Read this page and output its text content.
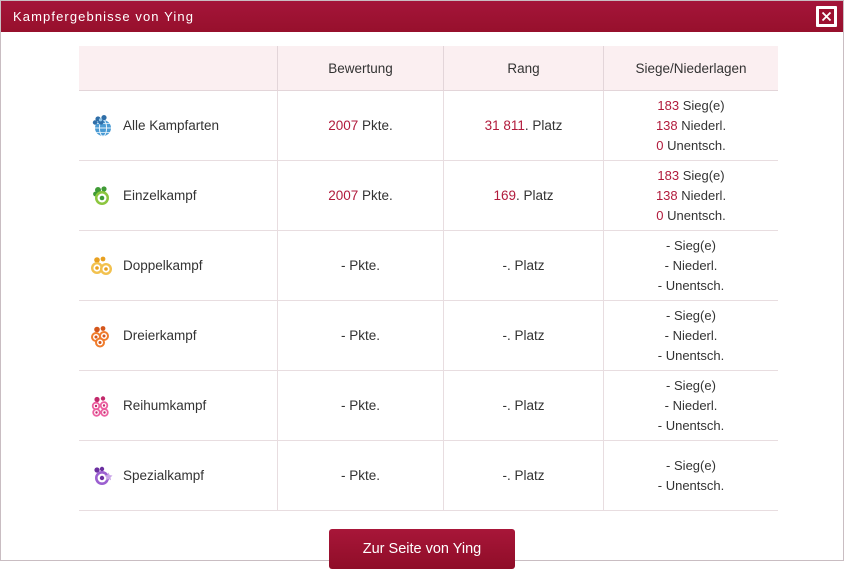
Kampfergebnisse von Ying
	Bewertung	Rang	Siege/Niederlagen

Alle Kampfarten	2007 Pkte.	31 811. Platz	183 Sieg(e)
138 Niederl.
0 Unentsch.

Einzelkampf	2007 Pkte.	169. Platz	183 Sieg(e)
138 Niederl.
0 Unentsch.

Doppelkampf	- Pkte.	-. Platz	- Sieg(e)
- Niederl.
- Unentsch.

Dreierkampf	- Pkte.	-. Platz	- Sieg(e)
- Niederl.
- Unentsch.

Reihumkampf	- Pkte.	-. Platz	- Sieg(e)
- Niederl.
- Unentsch.

Spezialkampf	- Pkte.	-. Platz	- Sieg(e)
- Unentsch.
Zur Seite von Ying
